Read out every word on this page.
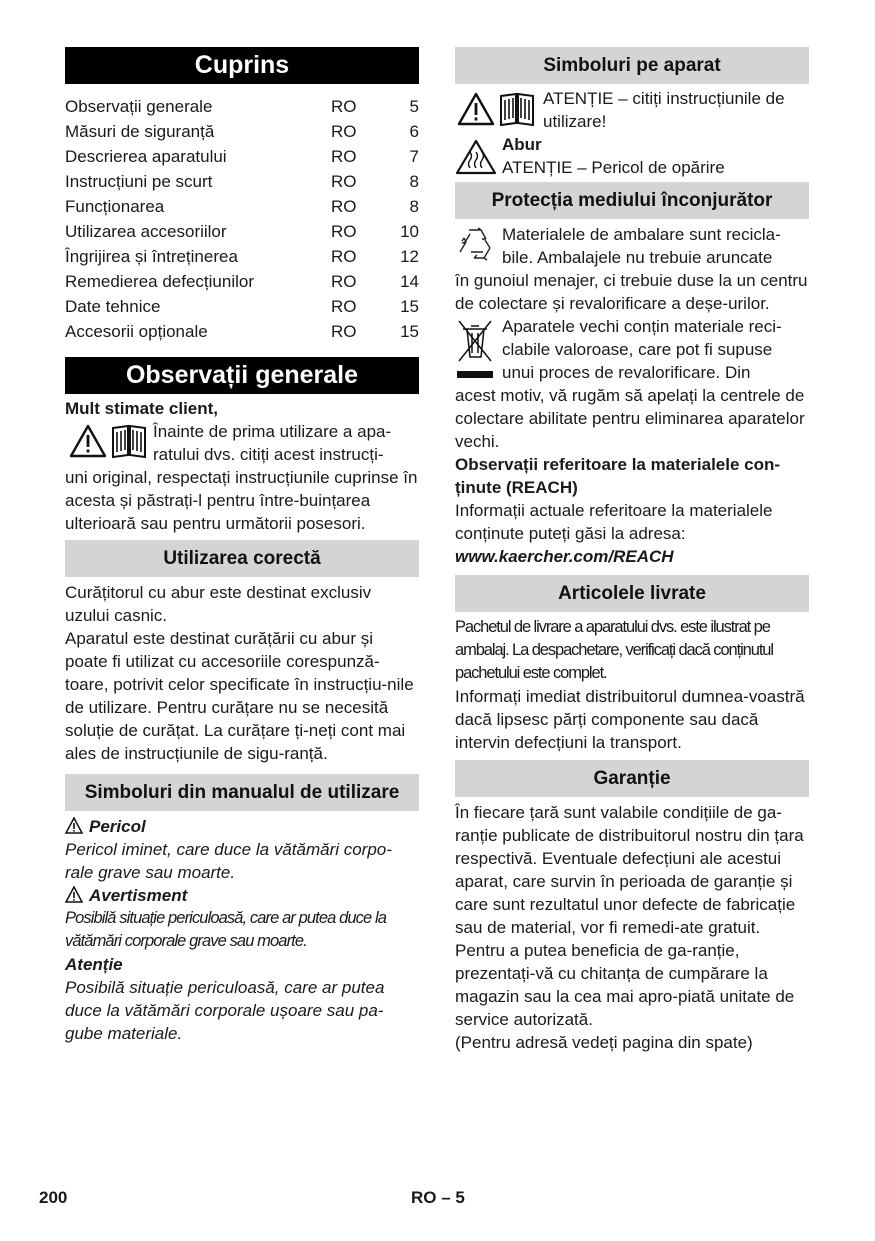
Cuprins
Observații generale	RO	5
Măsuri de siguranță	RO	6
Descrierea aparatului	RO	7
Instrucțiuni pe scurt	RO	8
Funcționarea	RO	8
Utilizarea accesoriilor	RO	10
Îngrijirea și întreținerea	RO	12
Remedierea defecțiunilor	RO	14
Date tehnice	RO	15
Accesorii opționale	RO	15
Observații generale

Mult stimate client,

Înainte de prima utilizare a apa-

ratului dvs. citiți acest instrucți-

uni original, respectați instrucțiunile cuprinse în acesta și păstrați-l pentru între-buințarea ulterioară sau pentru următorii posesori.

Utilizarea corectă

Curățitorul cu abur este destinat exclusiv uzului casnic.
Aparatul este destinat curățării cu abur și poate fi utilizat cu accesoriile corespunză-toare, potrivit celor specificate în instrucțiu-nile de utilizare. Pentru curățare nu se necesită soluție de curățat. La curățare ți-neți cont mai ales de instrucțiunile de sigu-ranță.

Simboluri din manualul de utilizare

Pericol

Pericol iminet, care duce la vătămări corpo-rale grave sau moarte.

Avertisment

Posibilă situație periculoasă, care ar putea duce la vătămări corporale grave sau moarte.

Atenție

Posibilă situație periculoasă, care ar putea duce la vătămări corporale ușoare sau pa-gube materiale.

Simboluri pe aparat

ATENȚIE – citiți instrucțiunile de utilizare!

Abur

ATENȚIE – Pericol de opărire

Protecția mediului înconjurător

Materialele de ambalare sunt recicla-

bile. Ambalajele nu trebuie aruncate

în gunoiul menajer, ci trebuie duse la un centru de colectare și revalorificare a deșe-urilor.

Aparatele vechi conțin materiale reci-

clabile valoroase, care pot fi supuse

unui proces de revalorificare. Din

acest motiv, vă rugăm să apelați la centrele de colectare abilitate pentru eliminarea aparatelor vechi.

Observații referitoare la materialele con-ținute (REACH)

Informații actuale referitoare la materialele conținute puteți găsi la adresa:

www.kaercher.com/REACH

Articolele livrate

Pachetul de livrare a aparatului dvs. este ilustrat pe ambalaj. La despachetare, verificați dacă conținutul pachetului este complet.

Informați imediat distribuitorul dumnea-voastră dacă lipsesc părți componente sau dacă intervin defecțiuni la transport.

Garanție

În fiecare țară sunt valabile condițiile de ga-ranție publicate de distribuitorul nostru din țara respectivă. Eventuale defecțiuni ale acestui aparat, care survin în perioada de garanție și care sunt rezultatul unor defecte de fabricație sau de material, vor fi remedi-ate gratuit. Pentru a putea beneficia de ga-ranție, prezentați-vă cu chitanța de cumpărare la magazin sau la cea mai apro-piată unitate de service autorizată.
(Pentru adresă vedeți pagina din spate)

200	RO – 5
